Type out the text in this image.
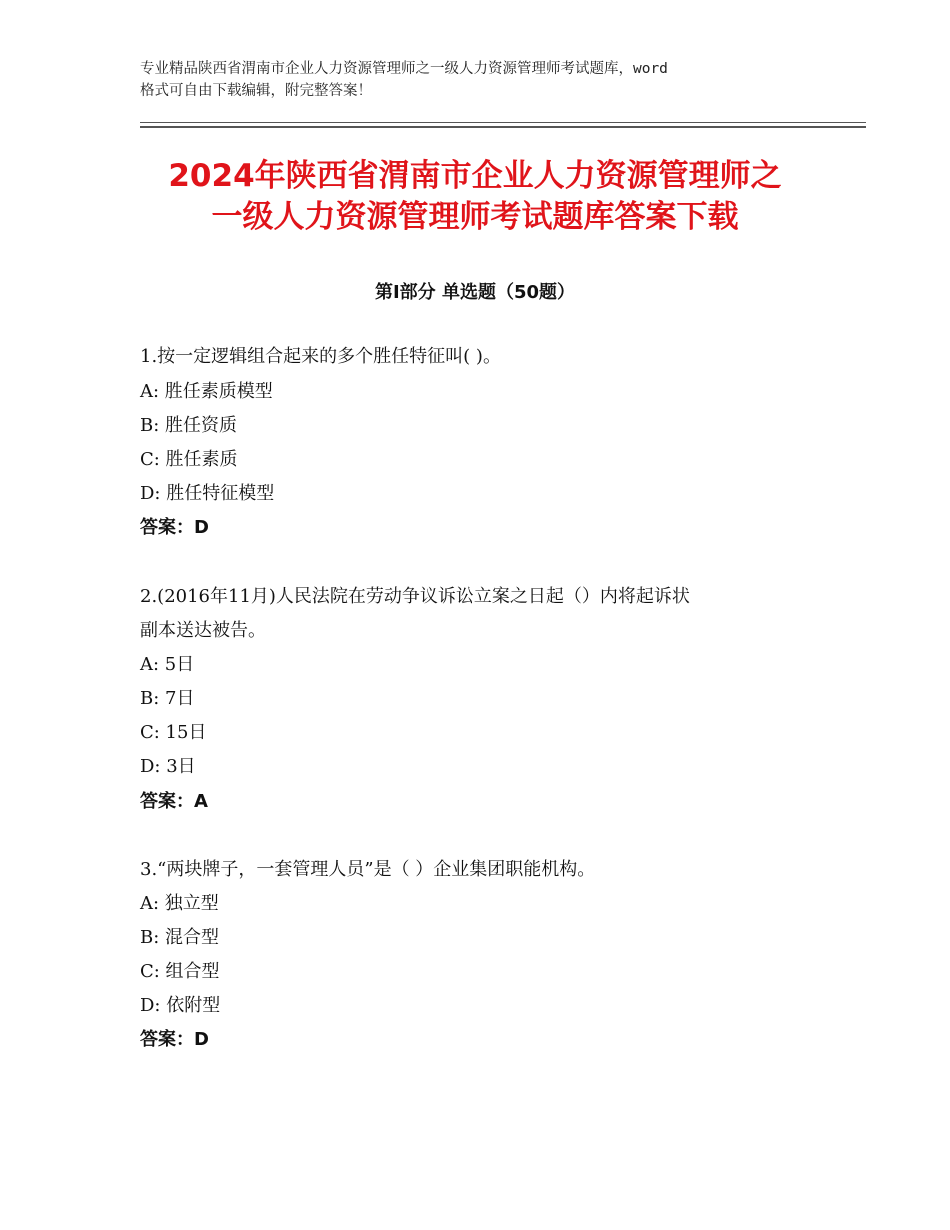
专业精品陕西省渭南市企业人力资源管理师之一级人力资源管理师考试题库，word
格式可自由下载编辑，附完整答案！
2024年陕西省渭南市企业人力资源管理师之
一级人力资源管理师考试题库答案下载
第Ⅰ部分 单选题（50题）
1.按一定逻辑组合起来的多个胜任特征叫( )。
A: 胜任素质模型
B: 胜任资质
C: 胜任素质
D: 胜任特征模型
答案：D
2.(2016年11月)人民法院在劳动争议诉讼立案之日起（）内将起诉状
副本送达被告。
A: 5日
B: 7日
C: 15日
D: 3日
答案：A
3.“两块牌子，一套管理人员”是（ ）企业集团职能机构。
A: 独立型
B: 混合型
C: 组合型
D: 依附型
答案：D
